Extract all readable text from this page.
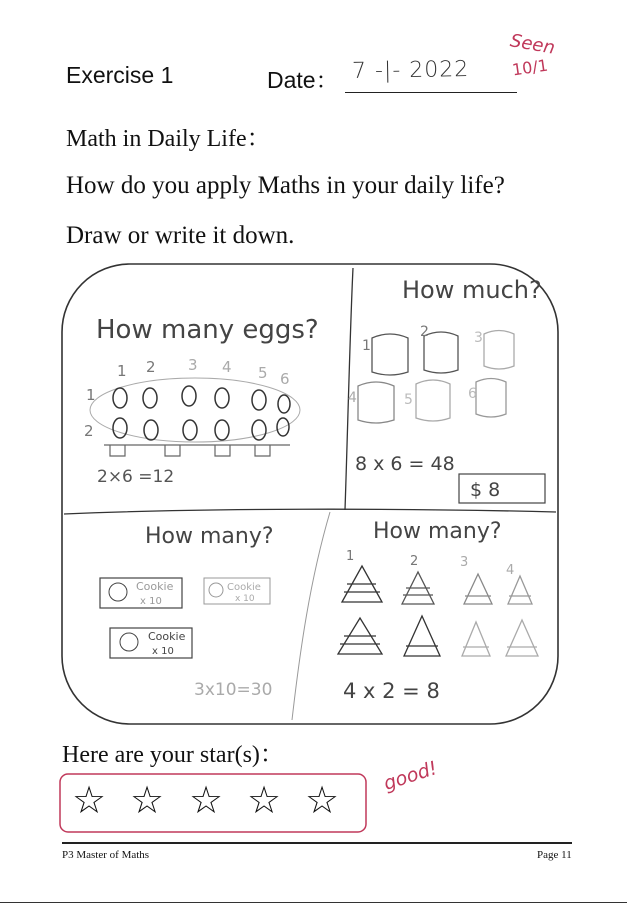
Exercise 1	Date： 7 -|- 2022
Seen
10/1
Math in Daily Life：
How do you apply Maths in your daily life?
Draw or write it down.
How many eggs?
1 2 3 4 5 6
1
2
2×6 =12
How much?
1
2	3
4	5	6
8 x 6 = 48
$ 8
How many?
Cookie
x 10
Cookie
x 10
Cookie
x 10
3x10=30
How many?
1	2	3
4
4 x 2 = 8
Here are your star(s)：
good!
☆ ☆ ☆ ☆ ☆
P3 Master of Maths	Page 11
